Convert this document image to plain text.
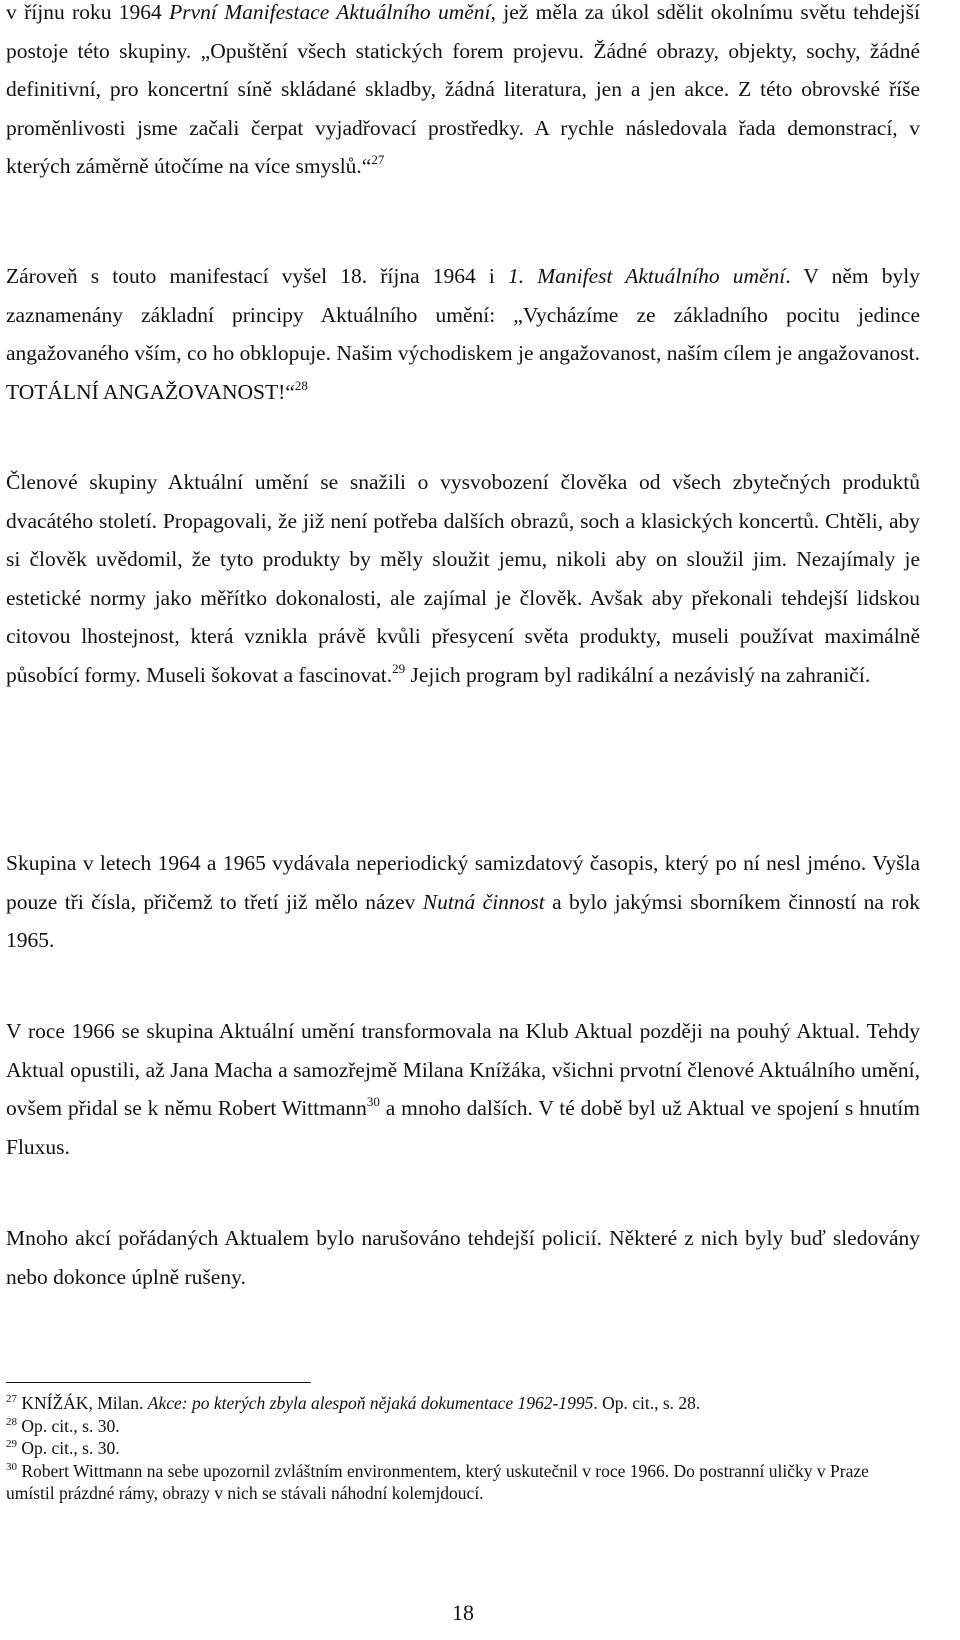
v říjnu roku 1964 První Manifestace Aktuálního umění, jež měla za úkol sdělit okolnímu světu tehdejší postoje této skupiny. „Opuštění všech statických forem projevu. Žádné obrazy, objekty, sochy, žádné definitivní, pro koncertní síně skládané skladby, žádná literatura, jen a jen akce. Z této obrovské říše proměnlivosti jsme začali čerpat vyjadřovací prostředky. A rychle následovala řada demonstrací, v kterých záměrně útočíme na více smyslů.“$^{27}$

Zároveň s touto manifestací vyšel 18. října 1964 i 1. Manifest Aktuálního umění. V něm byly zaznamenány základní principy Aktuálního umění: „Vycházíme ze základního pocitu jedince angažovaného vším, co ho obklopuje. Našim východiskem je angažovanost, naším cílem je angažovanost. TOTÁLNÍ ANGAŽOVANOST!“$^{28}$

Členové skupiny Aktuální umění se snažili o vysvobození člověka od všech zbytečných produktů dvacátého století. Propagovali, že již není potřeba dalších obrazů, soch a klasických koncertů. Chtěli, aby si člověk uvědomil, že tyto produkty by měly sloužit jemu, nikoli aby on sloužil jim. Nezajímaly je estetické normy jako měřítko dokonalosti, ale zajímal je člověk. Avšak aby překonali tehdejší lidskou citovou lhostejnost, která vznikla právě kvůli přesycení světa produkty, museli používat maximálně působící formy. Museli šokovat a fascinovat.$^{29}$ Jejich program byl radikální a nezávislý na zahraničí.

Skupina v letech 1964 a 1965 vydávala neperiodický samizdatový časopis, který po ní nesl jméno. Vyšla pouze tři čísla, přičemž to třetí již mělo název Nutná činnost a bylo jakýmsi sborníkem činností na rok 1965.

V roce 1966 se skupina Aktuální umění transformovala na Klub Aktual později na pouhý Aktual. Tehdy Aktual opustili, až Jana Macha a samozřejmě Milana Knížáka, všichni prvotní členové Aktuálního umění, ovšem přidal se k němu Robert Wittmann$^{30}$ a mnoho dalších. V té době byl už Aktual ve spojení s hnutím Fluxus.

Mnoho akcí pořádaných Aktualem bylo narušováno tehdejší policií. Některé z nich byly buď sledovány nebo dokonce úplně rušeny.

$^{27}$ KNÍŽÁK, Milan. Akce: po kterých zbyla alespoň nějaká dokumentace 1962-1995. Op. cit., s. 28.

$^{28}$ Op. cit., s. 30.

$^{29}$ Op. cit., s. 30.

$^{30}$ Robert Wittmann na sebe upozornil zvláštním environmentem, který uskutečnil v roce 1966. Do postranní uličky v Praze umístil prázdné rámy, obrazy v nich se stávali náhodní kolemjdoucí.

18
